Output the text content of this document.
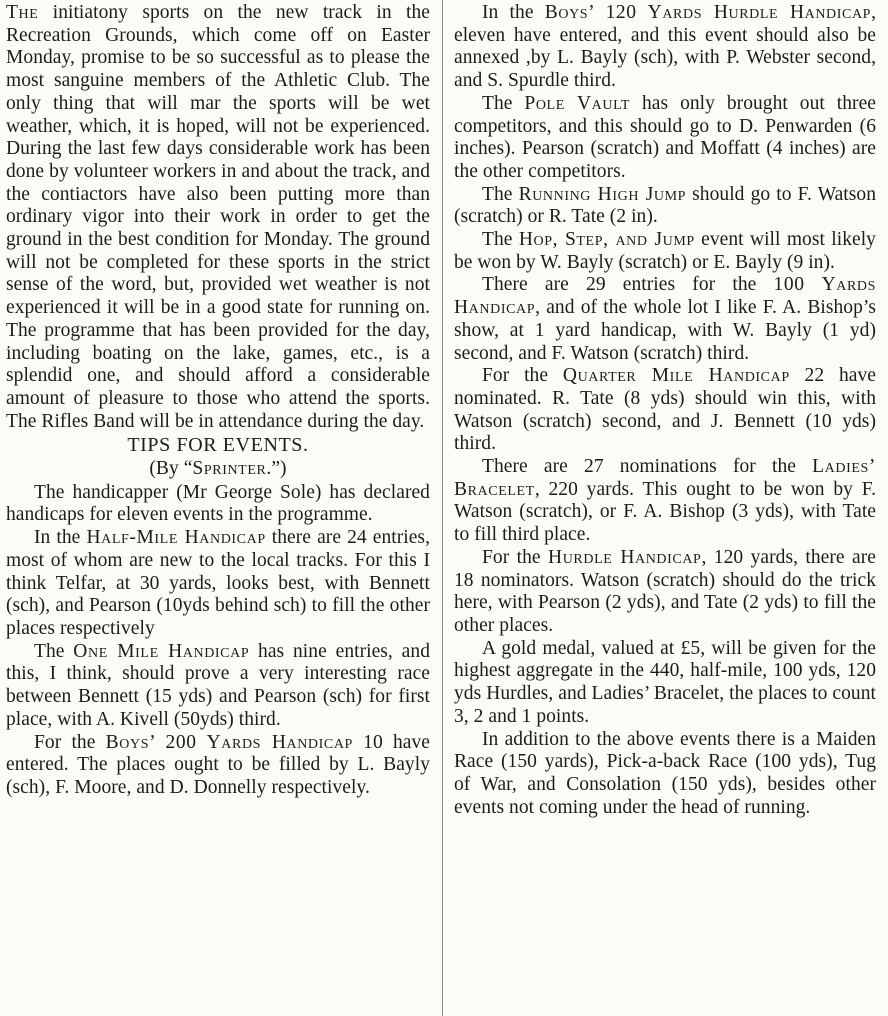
The initiatony sports on the new track in the Recreation Grounds, which come off on Easter Monday, promise to be so successful as to please the most sanguine members of the Athletic Club. The only thing that will mar the sports will be wet weather, which, it is hoped, will not be experienced. During the last few days considerable work has been done by volunteer workers in and about the track, and the contiactors have also been putting more than ordinary vigor into their work in order to get the ground in the best condition for Monday. The ground will not be completed for these sports in the strict sense of the word, but, provided wet weather is not experienced it will be in a good state for running on. The programme that has been provided for the day, including boating on the lake, games, etc., is a splendid one, and should afford a considerable amount of pleasure to those who attend the sports. The Rifles Band will be in attendance during the day.

TIPS FOR EVENTS.

(By “Sprinter.”)

The handicapper (Mr George Sole) has declared handicaps for eleven events in the programme.

In the Half-Mile Handicap there are 24 entries, most of whom are new to the local tracks. For this I think Telfar, at 30 yards, looks best, with Bennett (sch), and Pearson (10yds behind sch) to fill the other places respectively

The One Mile Handicap has nine entries, and this, I think, should prove a very interesting race between Bennett (15 yds) and Pearson (sch) for first place, with A. Kivell (50yds) third.

For the Boys’ 200 Yards Handicap 10 have entered. The places ought to be filled by L. Bayly (sch), F. Moore, and D. Donnelly respectively.

In the Boys’ 120 Yards Hurdle Handicap, eleven have entered, and this event should also be annexed ,by L. Bayly (sch), with P. Webster second, and S. Spurdle third.

The Pole Vault has only brought out three competitors, and this should go to D. Penwarden (6 inches). Pearson (scratch) and Moffatt (4 inches) are the other competitors.

The Running High Jump should go to F. Watson (scratch) or R. Tate (2 in).

The Hop, Step, and Jump event will most likely be won by W. Bayly (scratch) or E. Bayly (9 in).

There are 29 entries for the 100 Yards Handicap, and of the whole lot I like F. A. Bishop’s show, at 1 yard handicap, with W. Bayly (1 yd) second, and F. Watson (scratch) third.

For the Quarter Mile Handicap 22 have nominated. R. Tate (8 yds) should win this, with Watson (scratch) second, and J. Bennett (10 yds) third.

There are 27 nominations for the Ladies’ Bracelet, 220 yards. This ought to be won by F. Watson (scratch), or F. A. Bishop (3 yds), with Tate to fill third place.

For the Hurdle Handicap, 120 yards, there are 18 nominators. Watson (scratch) should do the trick here, with Pearson (2 yds), and Tate (2 yds) to fill the other places.

A gold medal, valued at £5, will be given for the highest aggregate in the 440, half-mile, 100 yds, 120 yds Hurdles, and Ladies’ Bracelet, the places to count 3, 2 and 1 points.

In addition to the above events there is a Maiden Race (150 yards), Pick-a-back Race (100 yds), Tug of War, and Consolation (150 yds), besides other events not coming under the head of running.
